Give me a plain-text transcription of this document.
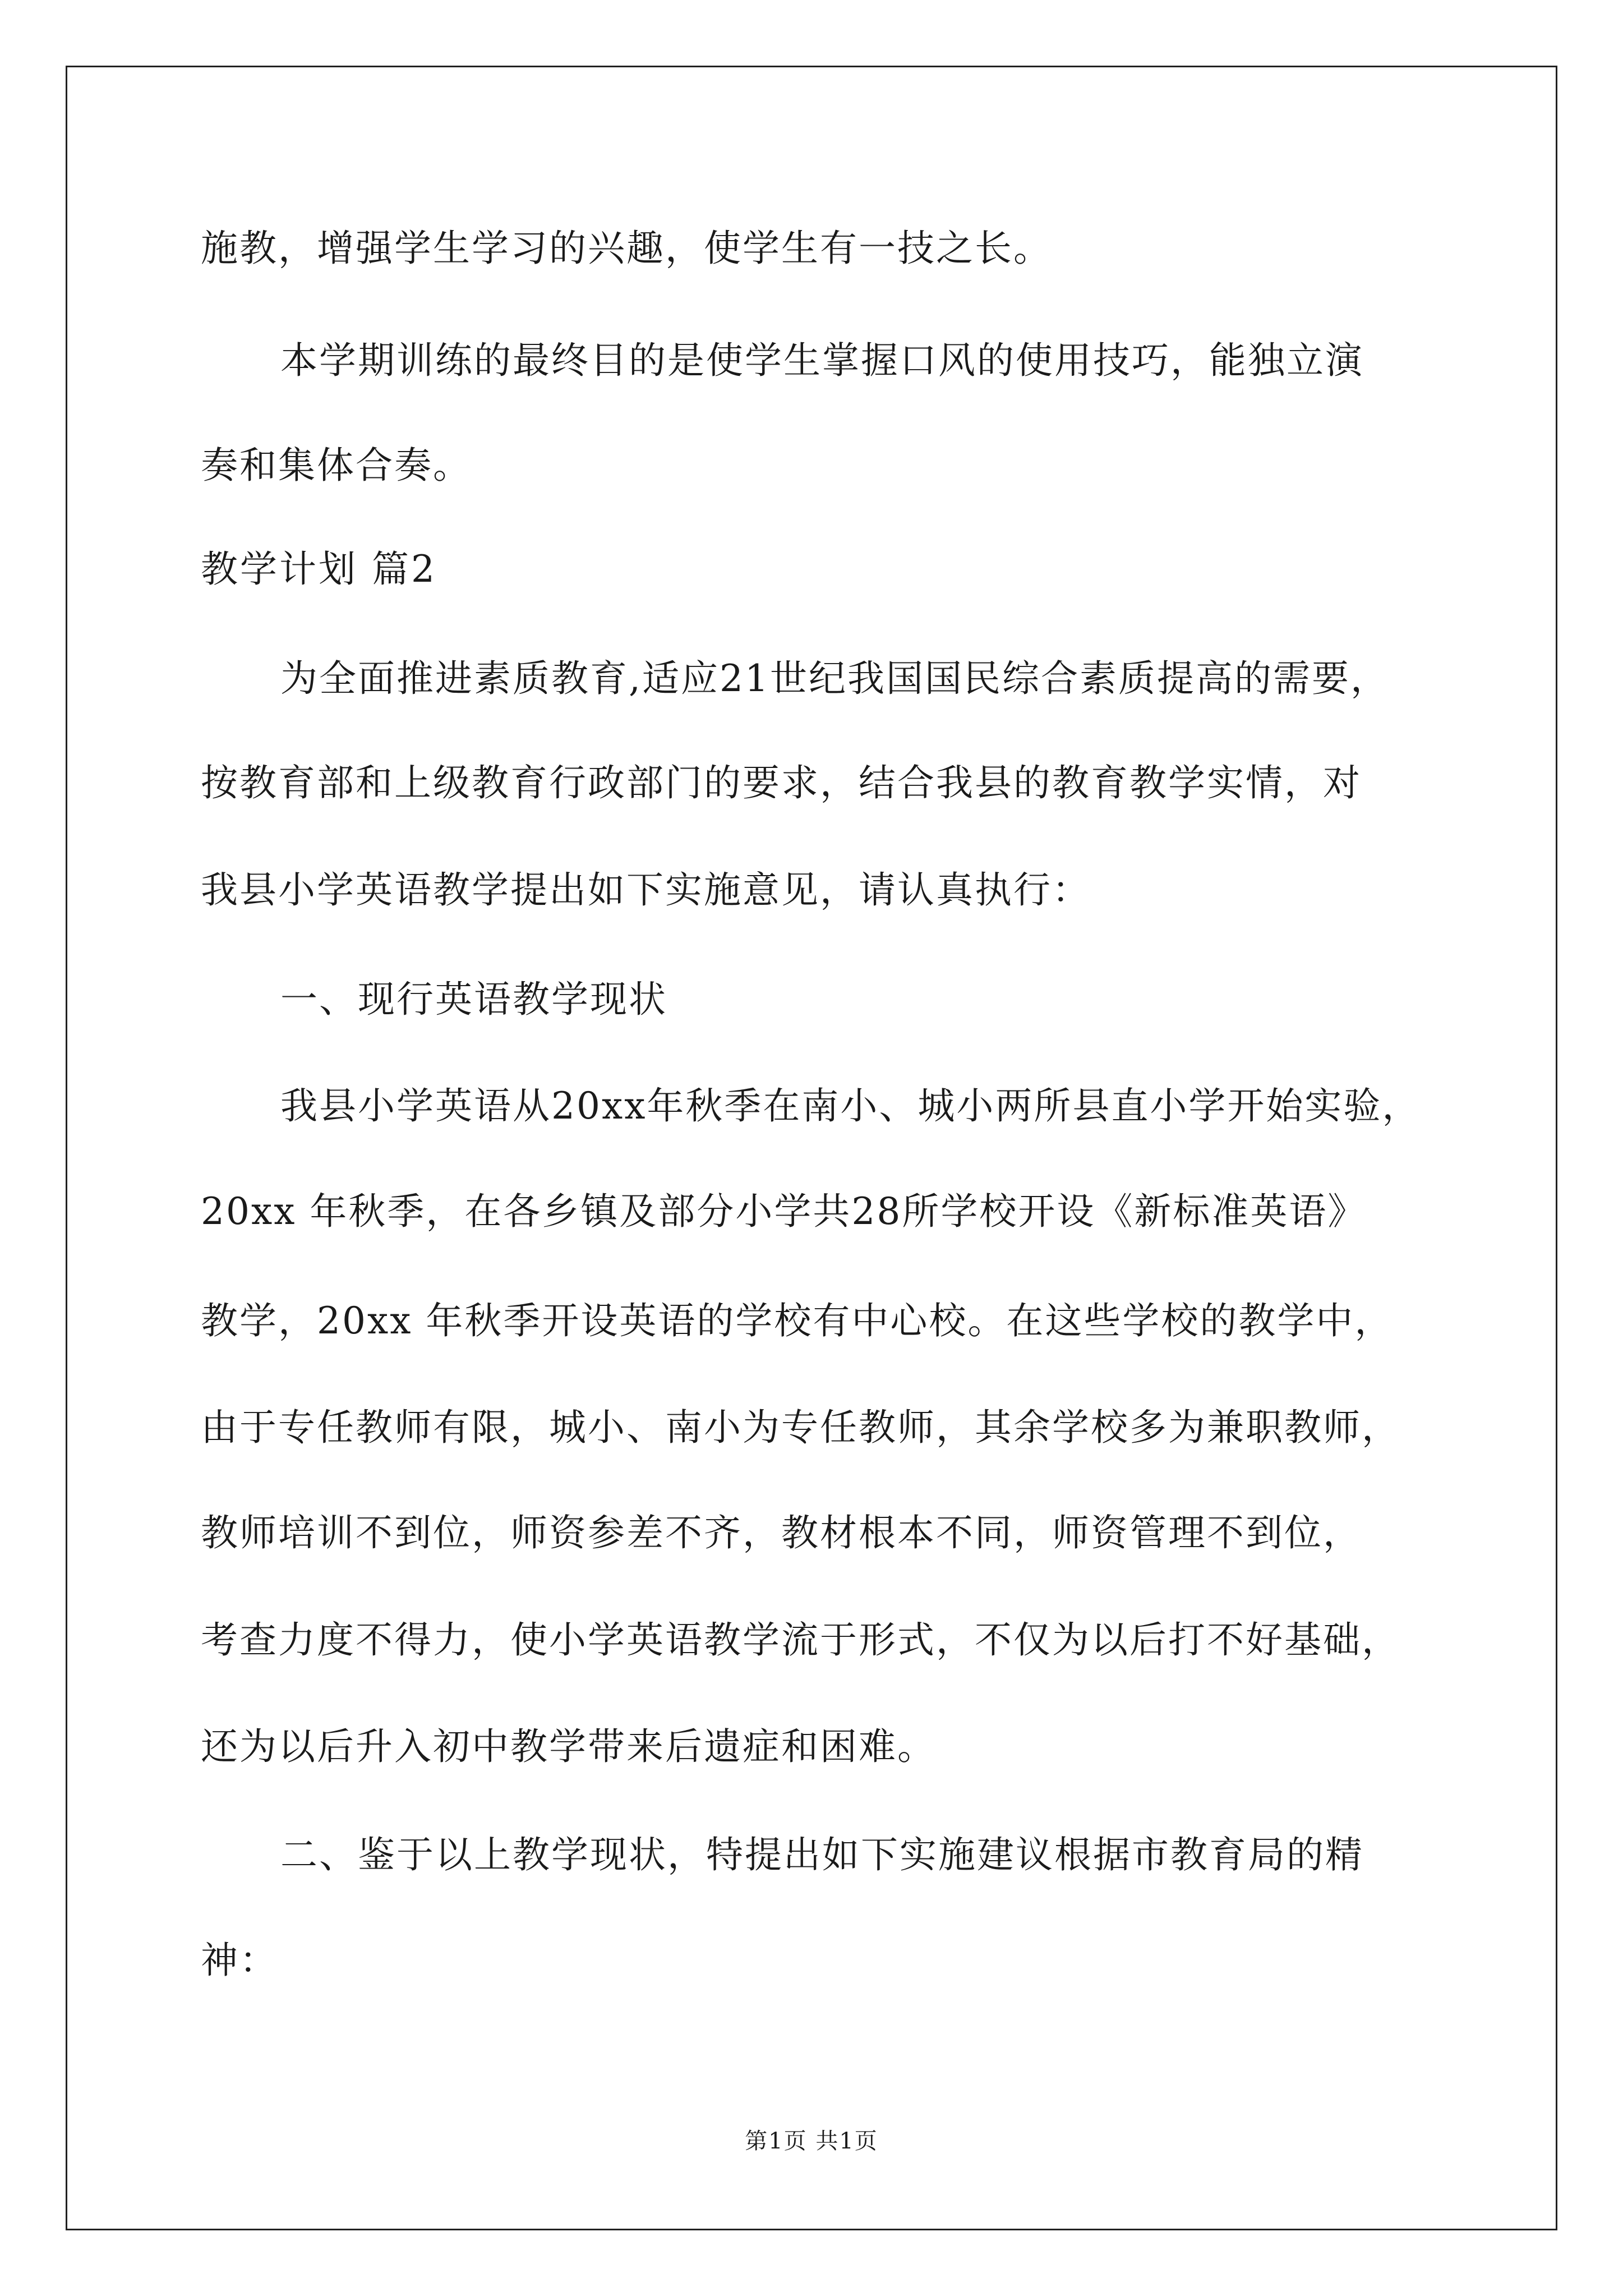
施教，增强学生学习的兴趣，使学生有一技之长。
本学期训练的最终目的是使学生掌握口风的使用技巧，能独立演
奏和集体合奏。
教学计划 篇2
为全面推进素质教育,适应21世纪我国国民综合素质提高的需要，
按教育部和上级教育行政部门的要求，结合我县的教育教学实情，对
我县小学英语教学提出如下实施意见，请认真执行：
一、现行英语教学现状
我县小学英语从20xx年秋季在南小、城小两所县直小学开始实验，
20xx 年秋季，在各乡镇及部分小学共28所学校开设《新标准英语》
教学，20xx 年秋季开设英语的学校有中心校。在这些学校的教学中，
由于专任教师有限，城小、南小为专任教师，其余学校多为兼职教师，
教师培训不到位，师资参差不齐，教材根本不同，师资管理不到位，
考查力度不得力，使小学英语教学流于形式，不仅为以后打不好基础，
还为以后升入初中教学带来后遗症和困难。
二、鉴于以上教学现状，特提出如下实施建议根据市教育局的精
神：
第1页 共1页
